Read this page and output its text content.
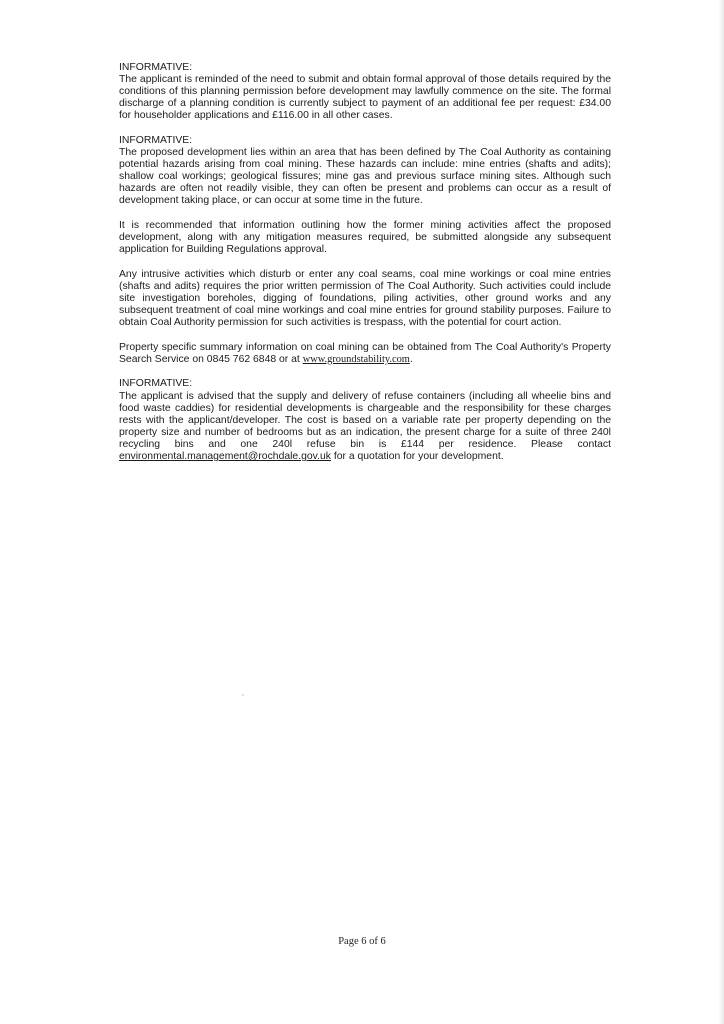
INFORMATIVE:

The applicant is reminded of the need to submit and obtain formal approval of those details required by the conditions of this planning permission before development may lawfully commence on the site. The formal discharge of a planning condition is currently subject to payment of an additional fee per request: £34.00 for householder applications and £116.00 in all other cases.

INFORMATIVE:

The proposed development lies within an area that has been defined by The Coal Authority as containing potential hazards arising from coal mining. These hazards can include: mine entries (shafts and adits); shallow coal workings; geological fissures; mine gas and previous surface mining sites. Although such hazards are often not readily visible, they can often be present and problems can occur as a result of development taking place, or can occur at some time in the future.

It is recommended that information outlining how the former mining activities affect the proposed development, along with any mitigation measures required, be submitted alongside any subsequent application for Building Regulations approval.

Any intrusive activities which disturb or enter any coal seams, coal mine workings or coal mine entries (shafts and adits) requires the prior written permission of The Coal Authority. Such activities could include site investigation boreholes, digging of foundations, piling activities, other ground works and any subsequent treatment of coal mine workings and coal mine entries for ground stability purposes. Failure to obtain Coal Authority permission for such activities is trespass, with the potential for court action.

Property specific summary information on coal mining can be obtained from The Coal Authority's Property Search Service on 0845 762 6848 or at www.groundstability.com.

INFORMATIVE:

The applicant is advised that the supply and delivery of refuse containers (including all wheelie bins and food waste caddies) for residential developments is chargeable and the responsibility for these charges rests with the applicant/developer. The cost is based on a variable rate per property depending on the property size and number of bedrooms but as an indication, the present charge for a suite of three 240l recycling bins and one 240l refuse bin is £144 per residence. Please contact environmental.management@rochdale.gov.uk for a quotation for your development.

Page 6 of 6
